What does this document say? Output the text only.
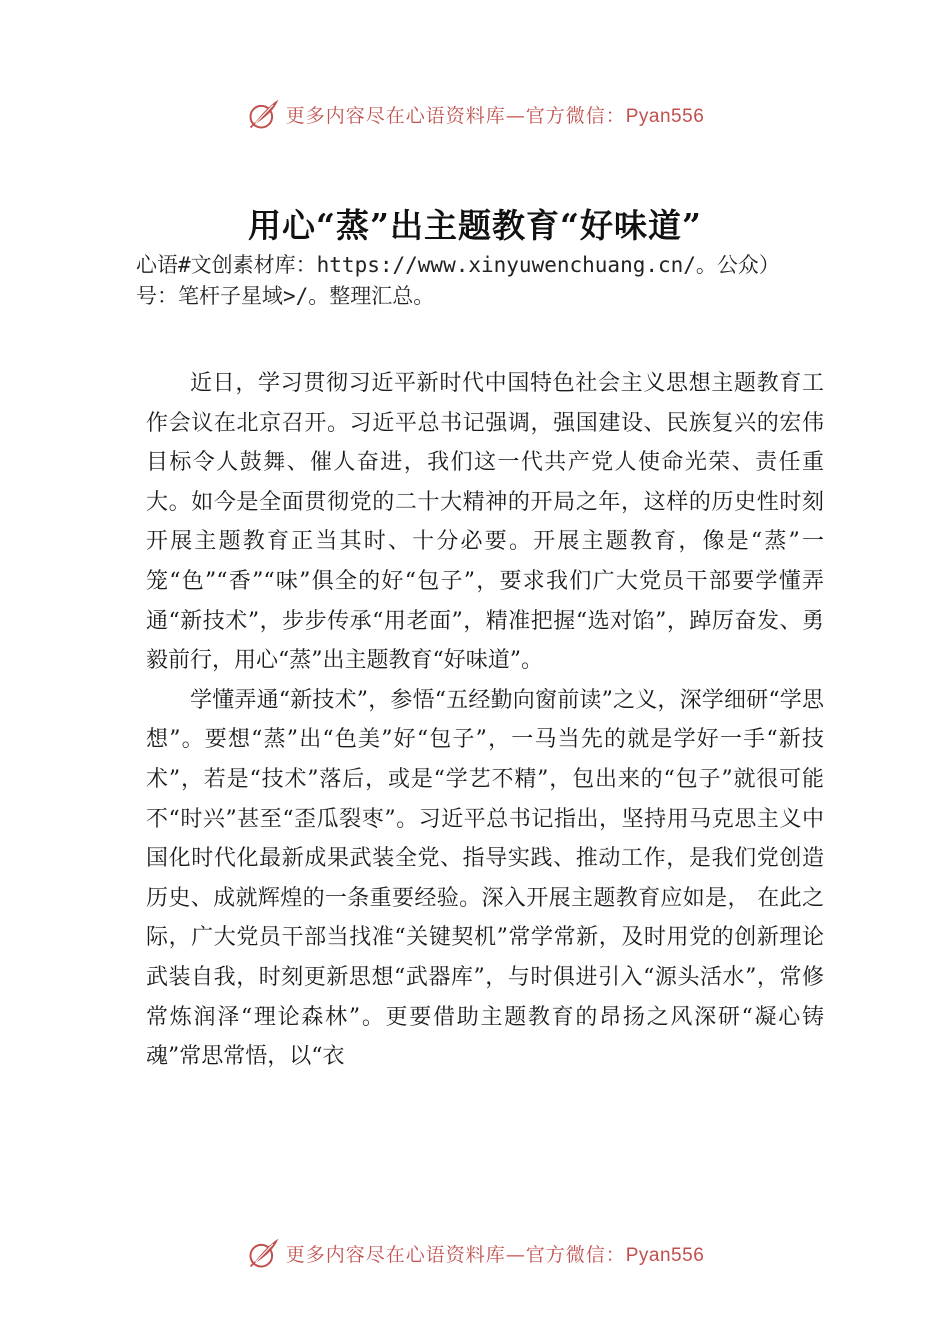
更多内容尽在心语资料库—官方微信：Pyan556
用心“蒸”出主题教育“好味道”

心语#文创素材库：https://www.xinyuwenchuang.cn/。公众）号：笔杆子星域>/。整理汇总。

近日，学习贯彻习近平新时代中国特色社会主义思想主题教育工作会议在北京召开。习近平总书记强调，强国建设、民族复兴的宏伟目标令人鼓舞、催人奋进，我们这一代共产党人使命光荣、责任重大。如今是全面贯彻党的二十大精神的开局之年，这样的历史性时刻开展主题教育正当其时、十分必要。开展主题教育，像是“蒸”一笼“色”“香”“味”俱全的好“包子”，要求我们广大党员干部要学懂弄通“新技术”，步步传承“用老面”，精准把握“选对馅”，踔厉奋发、勇毅前行，用心“蒸”出主题教育“好味道”。

学懂弄通“新技术”，参悟“五经勤向窗前读”之义，深学细研“学思想”。要想“蒸”出“色美”好“包子”，一马当先的就是学好一手“新技术”，若是“技术”落后，或是“学艺不精”，包出来的“包子”就很可能不“时兴”甚至“歪瓜裂枣”。习近平总书记指出，坚持用马克思主义中国化时代化最新成果武装全党、指导实践、推动工作，是我们党创造历史、成就辉煌的一条重要经验。深入开展主题教育应如是， 在此之际，广大党员干部当找准“关键契机”常学常新，及时用党的创新理论武装自我，时刻更新思想“武器库”，与时俱进引入“源头活水”，常修常炼润泽“理论森林”。更要借助主题教育的昂扬之风深研“凝心铸魂”常思常悟，以“衣

更多内容尽在心语资料库—官方微信：Pyan556
